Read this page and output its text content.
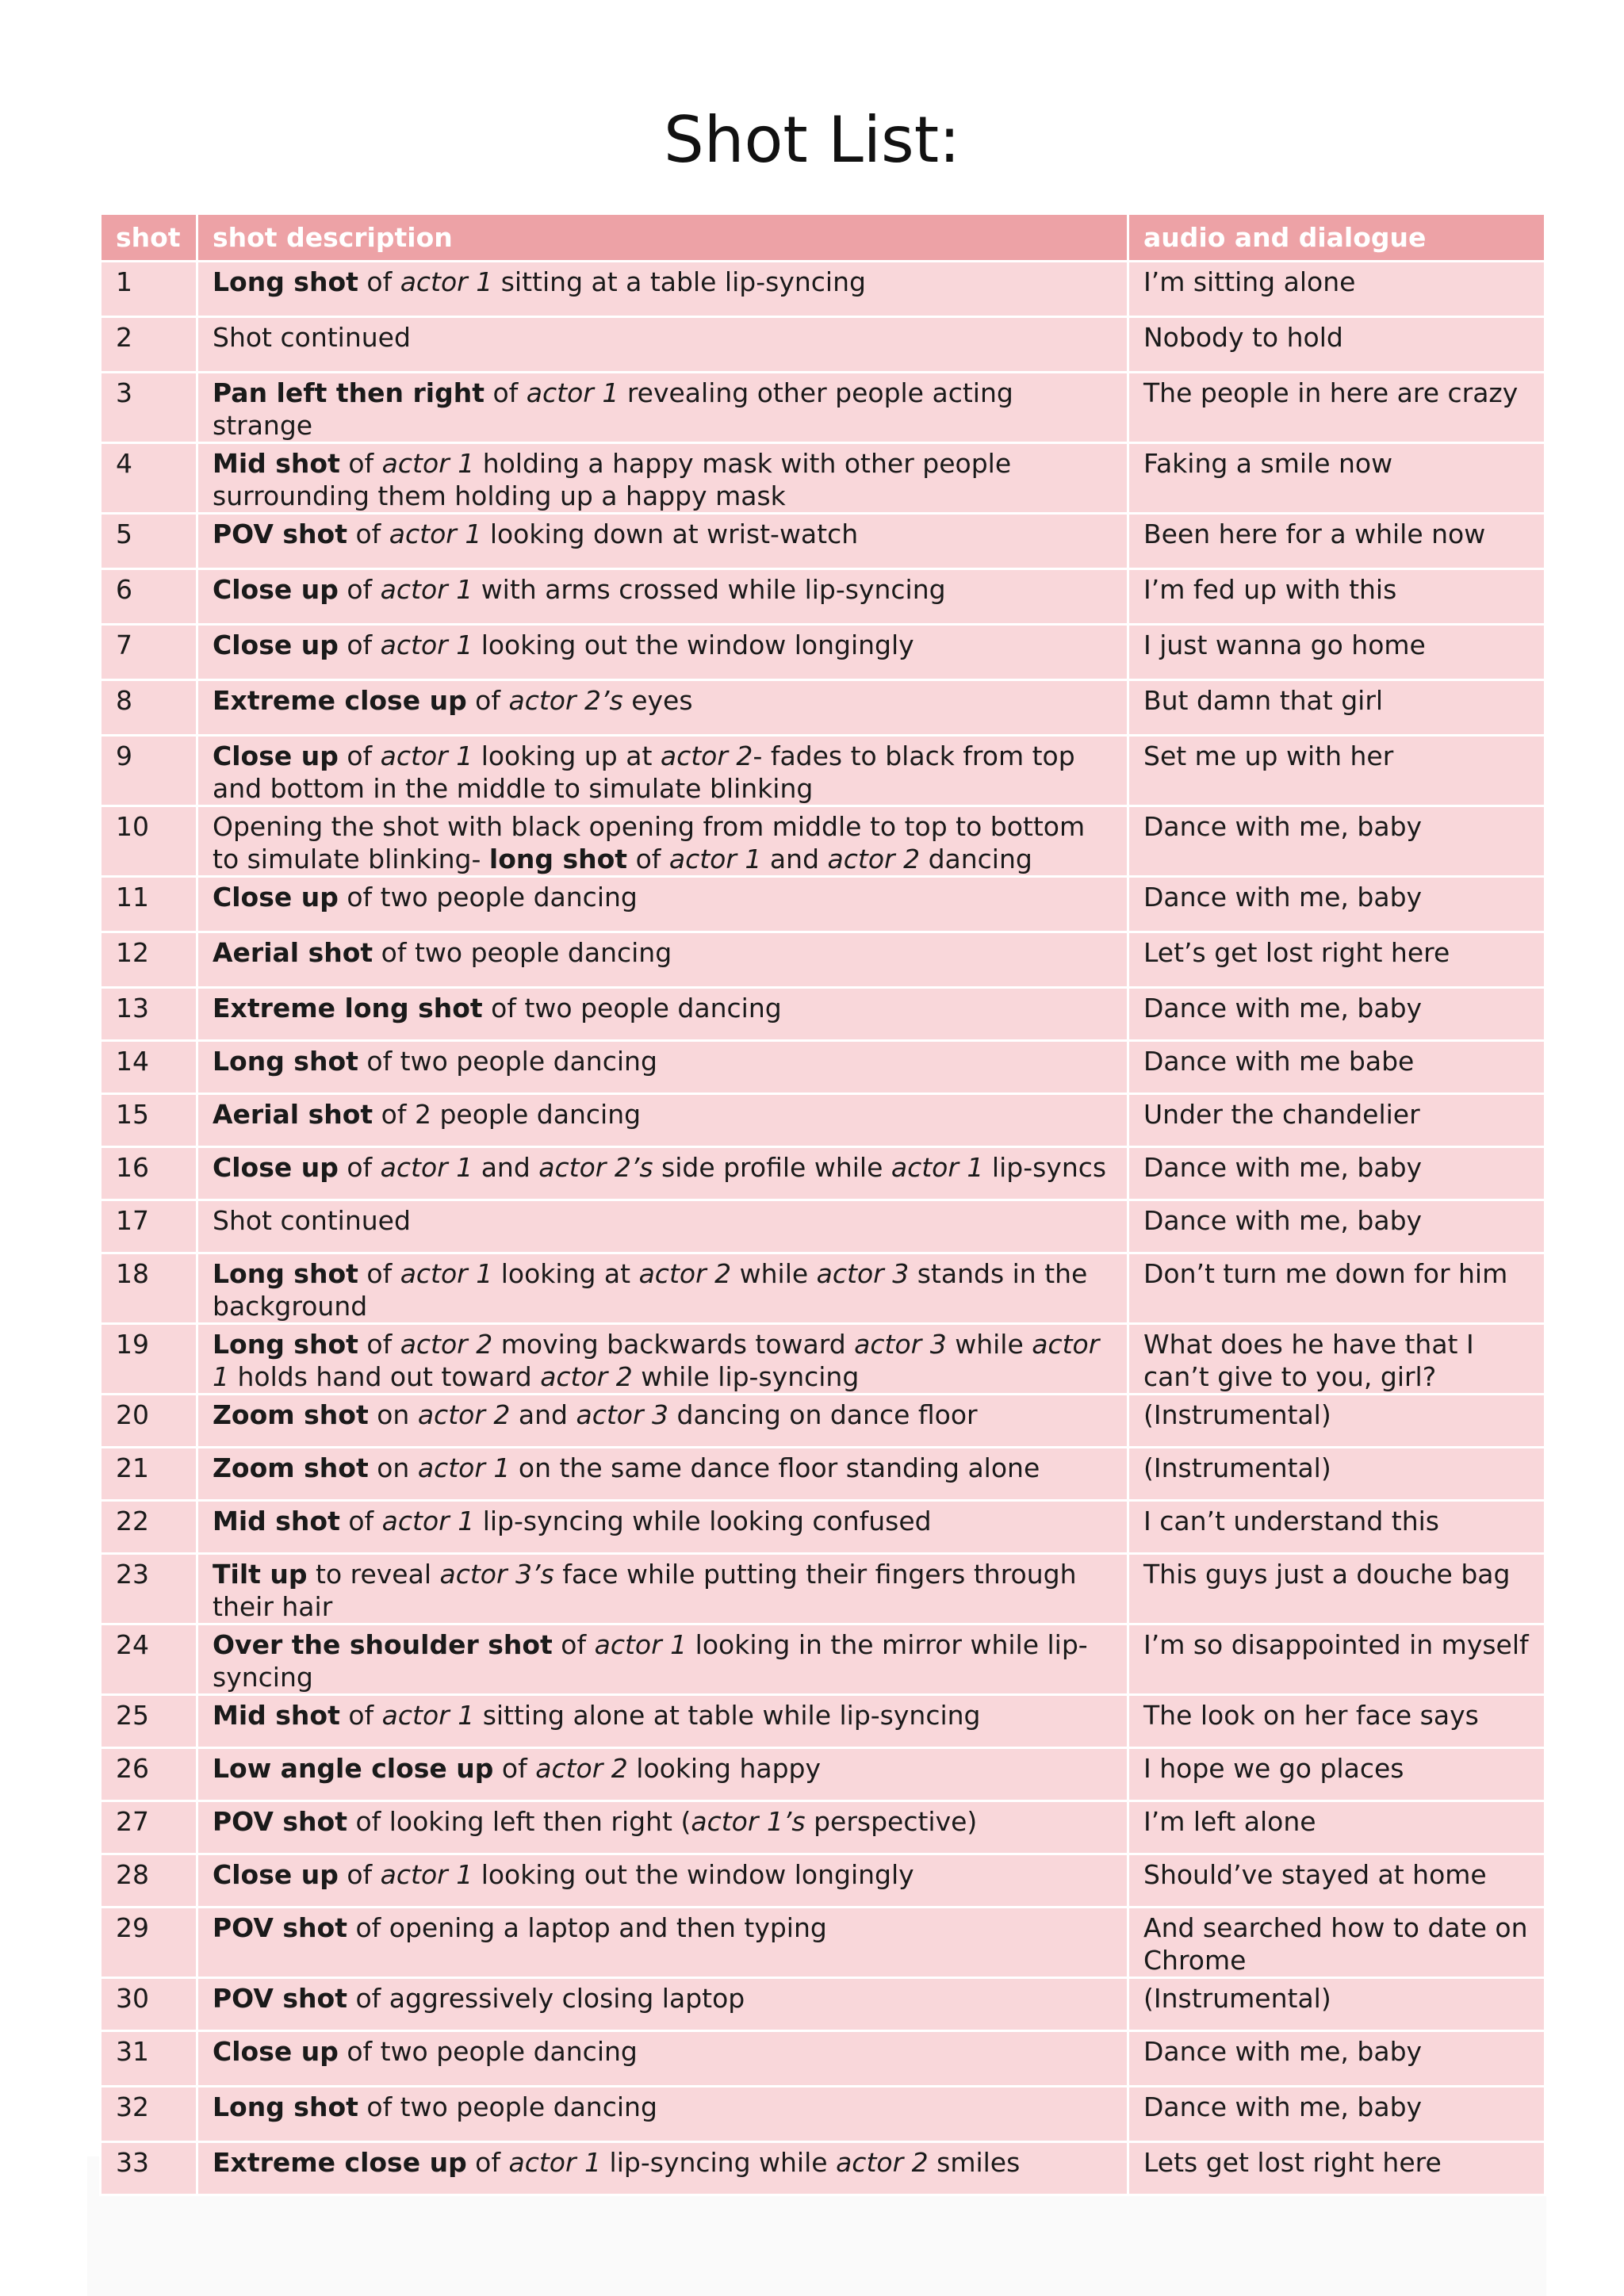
Shot List:
shot	shot description	audio and dialogue
1	Long shot of actor 1 sitting at a table lip-syncing	I’m sitting alone
2	Shot continued	Nobody to hold
3	Pan left then right of actor 1 revealing other people acting strange	The people in here are crazy
4	Mid shot of actor 1 holding a happy mask with other people surrounding them holding up a happy mask	Faking a smile now
5	POV shot of actor 1 looking down at wrist-watch	Been here for a while now
6	Close up of actor 1 with arms crossed while lip-syncing	I’m fed up with this
7	Close up of actor 1 looking out the window longingly	I just wanna go home
8	Extreme close up of actor 2’s eyes	But damn that girl
9	Close up of actor 1 looking up at actor 2- fades to black from top and bottom in the middle to simulate blinking	Set me up with her
10	Opening the shot with black opening from middle to top to bottom to simulate blinking- long shot of actor 1 and actor 2 dancing	Dance with me, baby
11	Close up of two people dancing	Dance with me, baby
12	Aerial shot of two people dancing	Let’s get lost right here
13	Extreme long shot of two people dancing	Dance with me, baby
14	Long shot of two people dancing	Dance with me babe
15	Aerial shot of 2 people dancing	Under the chandelier
16	Close up of actor 1 and actor 2’s side profile while actor 1 lip-syncs	Dance with me, baby
17	Shot continued	Dance with me, baby
18	Long shot of actor 1 looking at actor 2 while actor 3 stands in the background	Don’t turn me down for him
19	Long shot of actor 2 moving backwards toward actor 3 while actor 1 holds hand out toward actor 2 while lip-syncing	What does he have that I can’t give to you, girl?
20	Zoom shot on actor 2 and actor 3 dancing on dance floor	(Instrumental)
21	Zoom shot on actor 1 on the same dance floor standing alone	(Instrumental)
22	Mid shot of actor 1 lip-syncing while looking confused	I can’t understand this
23	Tilt up to reveal actor 3’s face while putting their fingers through their hair	This guys just a douche bag
24	Over the shoulder shot of actor 1 looking in the mirror while lip-syncing	I’m so disappointed in myself
25	Mid shot of actor 1 sitting alone at table while lip-syncing	The look on her face says
26	Low angle close up of actor 2 looking happy	I hope we go places
27	POV shot of looking left then right (actor 1’s perspective)	I’m left alone
28	Close up of actor 1 looking out the window longingly	Should’ve stayed at home
29	POV shot of opening a laptop and then typing	And searched how to date on Chrome
30	POV shot of aggressively closing laptop	(Instrumental)
31	Close up of two people dancing	Dance with me, baby
32	Long shot of two people dancing	Dance with me, baby
33	Extreme close up of actor 1 lip-syncing while actor 2 smiles	Lets get lost right here
